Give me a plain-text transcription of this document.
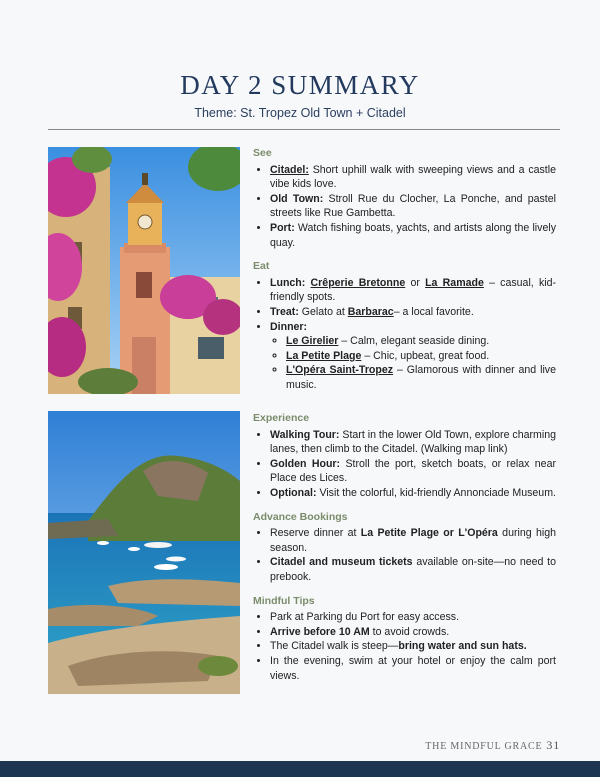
DAY 2 SUMMARY
Theme: St. Tropez Old Town + Citadel
See
• Citadel: Short uphill walk with sweeping views and a castle vibe kids love.
• Old Town: Stroll Rue du Clocher, La Ponche, and pastel streets like Rue Gambetta.
• Port: Watch fishing boats, yachts, and artists along the lively quay.
Eat
• Lunch: Crêperie Bretonne or La Ramade – casual, kid-friendly spots.
• Treat: Gelato at Barbarac– a local favorite.
• Dinner:
◦ Le Girelier – Calm, elegant seaside dining.
◦ La Petite Plage – Chic, upbeat, great food.
◦ L'Opéra Saint-Tropez – Glamorous with dinner and live music.
Experience
• Walking Tour: Start in the lower Old Town, explore charming lanes, then climb to the Citadel. (Walking map link)
• Golden Hour: Stroll the port, sketch boats, or relax near Place des Lices.
• Optional: Visit the colorful, kid-friendly Annonciade Museum.
Advance Bookings
• Reserve dinner at La Petite Plage or L'Opéra during high season.
• Citadel and museum tickets available on-site—no need to prebook.
Mindful Tips
• Park at Parking du Port for easy access.
• Arrive before 10 AM to avoid crowds.
• The Citadel walk is steep—bring water and sun hats.
• In the evening, swim at your hotel or enjoy the calm port views.
THE MINDFUL GRACE 31
